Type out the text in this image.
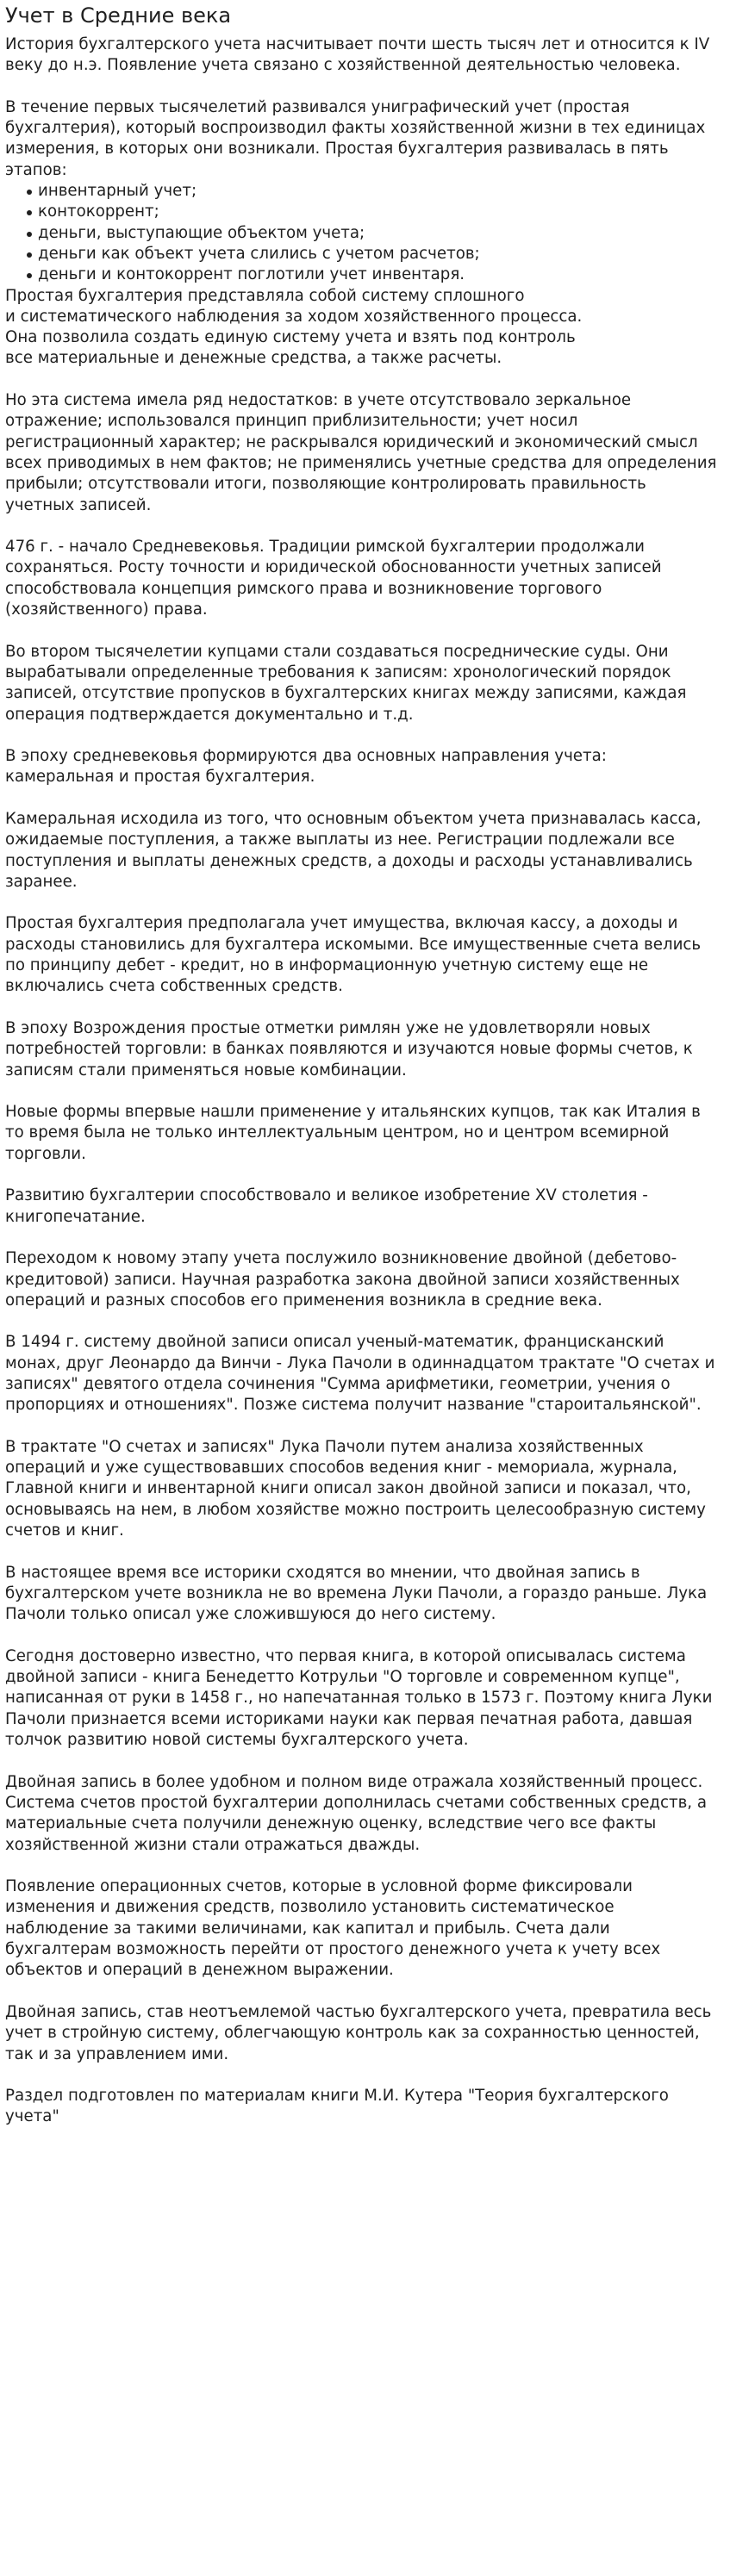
Учет в Средние века

История бухгалтерского учета насчитывает почти шесть тысяч лет и относится к IV веку до н.э. Появление учета связано с хозяйственной деятельностью человека.

В течение первых тысячелетий развивался униграфический учет (простая бухгалтерия), который воспроизводил факты хозяйственной жизни в тех единицах измерения, в которых они возникали. Простая бухгалтерия развивалась в пять этапов:

инвентарный учет;
контокоррент;
деньги, выступающие объектом учета;
деньги как объект учета слились с учетом расчетов;
деньги и контокоррент поглотили учет инвентаря.
Простая бухгалтерия представляла собой систему сплошного
и систематического наблюдения за ходом хозяйственного процесса.
Она позволила создать единую систему учета и взять под контроль
все материальные и денежные средства, а также расчеты.

Но эта система имела ряд недостатков: в учете отсутствовало зеркальное отражение; использовался принцип приблизительности; учет носил регистрационный характер; не раскрывался юридический и экономический смысл всех приводимых в нем фактов; не применялись учетные средства для определения прибыли; отсутствовали итоги, позволяющие контролировать правильность учетных записей.

476 г. - начало Средневековья. Традиции римской бухгалтерии продолжали сохраняться. Росту точности и юридической обоснованности учетных записей способствовала концепция римского права и возникновение торгового (хозяйственного) права.

Во втором тысячелетии купцами стали создаваться посреднические суды. Они вырабатывали определенные требования к записям: хронологический порядок записей, отсутствие пропусков в бухгалтерских книгах между записями, каждая операция подтверждается документально и т.д.

В эпоху средневековья формируются два основных направления учета: камеральная и простая бухгалтерия.

Камеральная исходила из того, что основным объектом учета признавалась касса, ожидаемые поступления, а также выплаты из нее. Регистрации подлежали все поступления и выплаты денежных средств, а доходы и расходы устанавливались заранее.

Простая бухгалтерия предполагала учет имущества, включая кассу, а доходы и расходы становились для бухгалтера искомыми. Все имущественные счета велись по принципу дебет - кредит, но в информационную учетную систему еще не включались счета собственных средств.

В эпоху Возрождения простые отметки римлян уже не удовлетворяли новых потребностей торговли: в банках появляются и изучаются новые формы счетов, к записям стали применяться новые комбинации.

Новые формы впервые нашли применение у итальянских купцов, так как Италия в то время была не только интеллектуальным центром, но и центром всемирной торговли.

Развитию бухгалтерии способствовало и великое изобретение XV столетия - книгопечатание.

Переходом к новому этапу учета послужило возникновение двойной (дебетово-кредитовой) записи. Научная разработка закона двойной записи хозяйственных операций и разных способов его применения возникла в средние века.

В 1494 г. систему двойной записи описал ученый-математик, францисканский монах, друг Леонардо да Винчи - Лука Пачоли в одиннадцатом трактате "О счетах и записях" девятого отдела сочинения "Сумма арифметики, геометрии, учения о пропорциях и отношениях". Позже система получит название "староитальянской".

В трактате "О счетах и записях" Лука Пачоли путем анализа хозяйственных операций и уже существовавших способов ведения книг - мемориала, журнала, Главной книги и инвентарной книги описал закон двойной записи и показал, что, основываясь на нем, в любом хозяйстве можно построить целесообразную систему счетов и книг.

В настоящее время все историки сходятся во мнении, что двойная запись в бухгалтерском учете возникла не во времена Луки Пачоли, а гораздо раньше. Лука Пачоли только описал уже сложившуюся до него систему.

Сегодня достоверно известно, что первая книга, в которой описывалась система двойной записи - книга Бенедетто Котрульи "О торговле и современном купце", написанная от руки в 1458 г., но напечатанная только в 1573 г. Поэтому книга Луки Пачоли признается всеми историками науки как первая печатная работа, давшая толчок развитию новой системы бухгалтерского учета.

Двойная запись в более удобном и полном виде отражала хозяйственный процесс. Система счетов простой бухгалтерии дополнилась счетами собственных средств, а материальные счета получили денежную оценку, вследствие чего все факты хозяйственной жизни стали отражаться дважды.

Появление операционных счетов, которые в условной форме фиксировали изменения и движения средств, позволило установить систематическое наблюдение за такими величинами, как капитал и прибыль. Счета дали бухгалтерам возможность перейти от простого денежного учета к учету всех объектов и операций в денежном выражении.

Двойная запись, став неотъемлемой частью бухгалтерского учета, превратила весь учет в стройную систему, облегчающую контроль как за сохранностью ценностей, так и за управлением ими.

Раздел подготовлен по материалам книги М.И. Кутера "Теория бухгалтерского учета"
